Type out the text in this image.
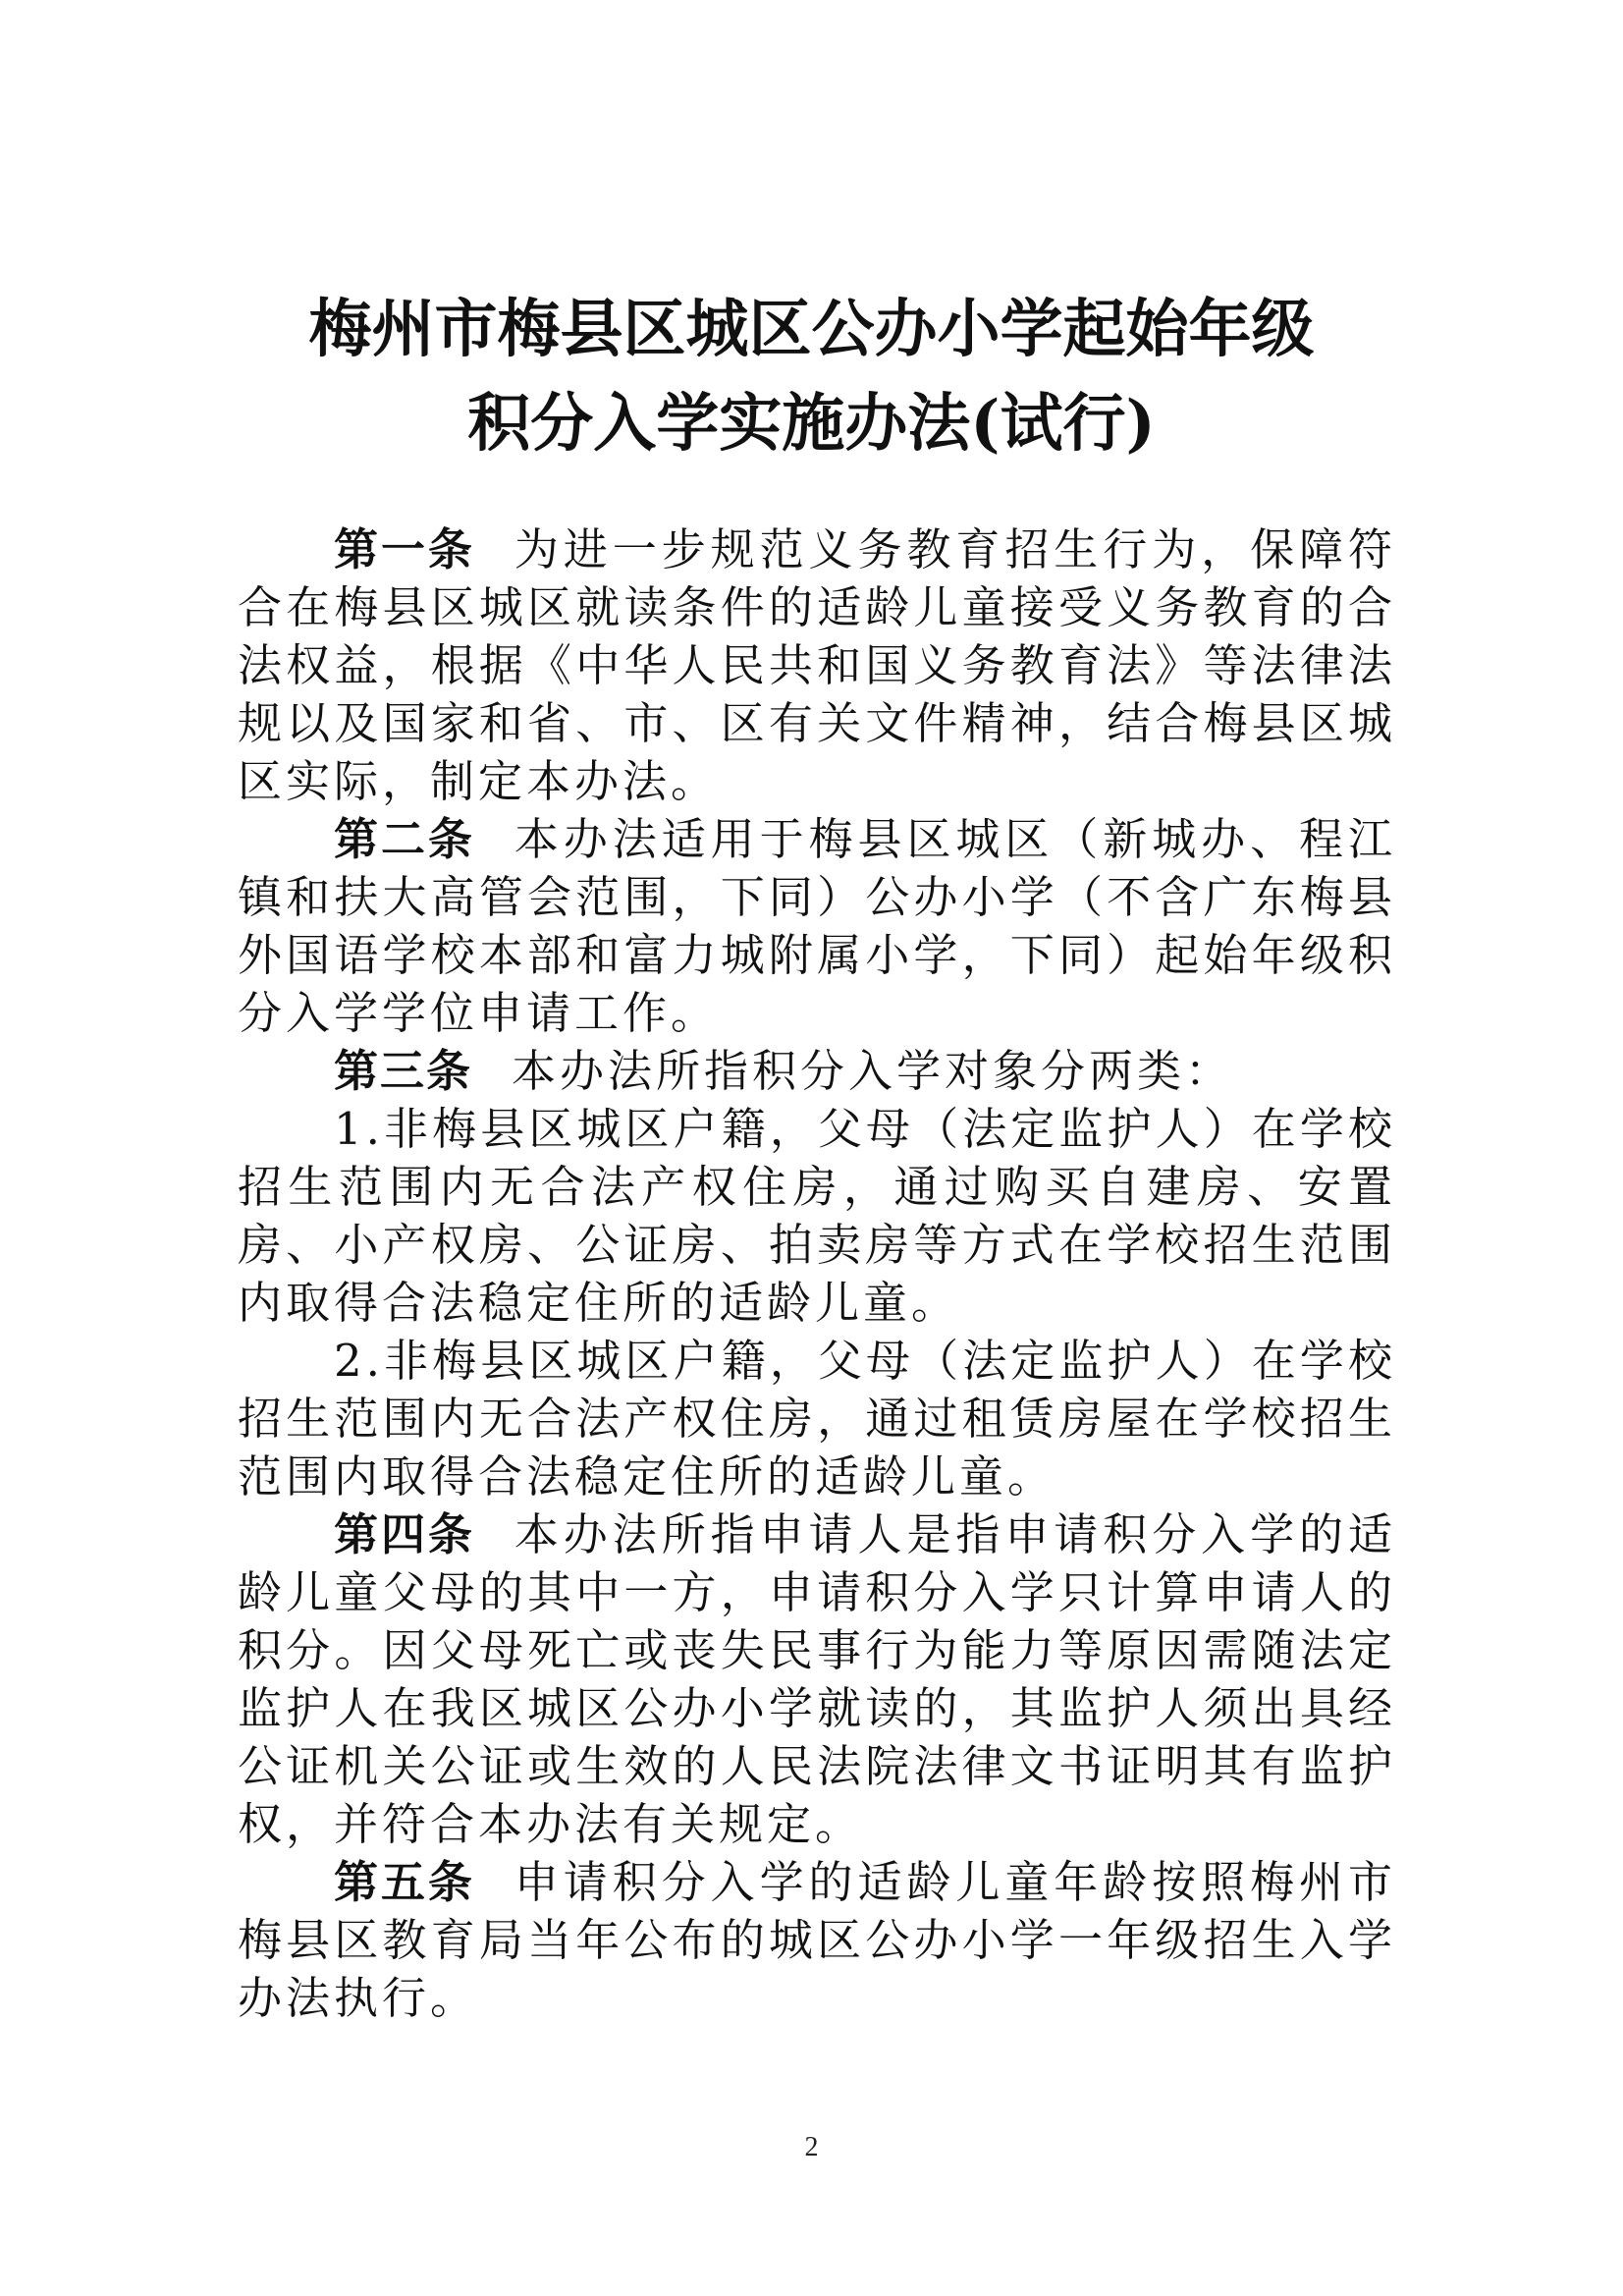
梅州市梅县区城区公办小学起始年级
积分入学实施办法(试行)

第一条 为进一步规范义务教育招生行为，保障符合在梅县区城区就读条件的适龄儿童接受义务教育的合法权益，根据《中华人民共和国义务教育法》等法律法规以及国家和省、市、区有关文件精神，结合梅县区城区实际，制定本办法。

第二条 本办法适用于梅县区城区（新城办、程江镇和扶大高管会范围，下同）公办小学（不含广东梅县外国语学校本部和富力城附属小学，下同）起始年级积分入学学位申请工作。

第三条 本办法所指积分入学对象分两类：

1.非梅县区城区户籍，父母（法定监护人）在学校招生范围内无合法产权住房，通过购买自建房、安置房、小产权房、公证房、拍卖房等方式在学校招生范围内取得合法稳定住所的适龄儿童。

2.非梅县区城区户籍，父母（法定监护人）在学校招生范围内无合法产权住房，通过租赁房屋在学校招生范围内取得合法稳定住所的适龄儿童。

第四条 本办法所指申请人是指申请积分入学的适龄儿童父母的其中一方，申请积分入学只计算申请人的积分。因父母死亡或丧失民事行为能力等原因需随法定监护人在我区城区公办小学就读的，其监护人须出具经公证机关公证或生效的人民法院法律文书证明其有监护权，并符合本办法有关规定。

第五条 申请积分入学的适龄儿童年龄按照梅州市梅县区教育局当年公布的城区公办小学一年级招生入学办法执行。

2
